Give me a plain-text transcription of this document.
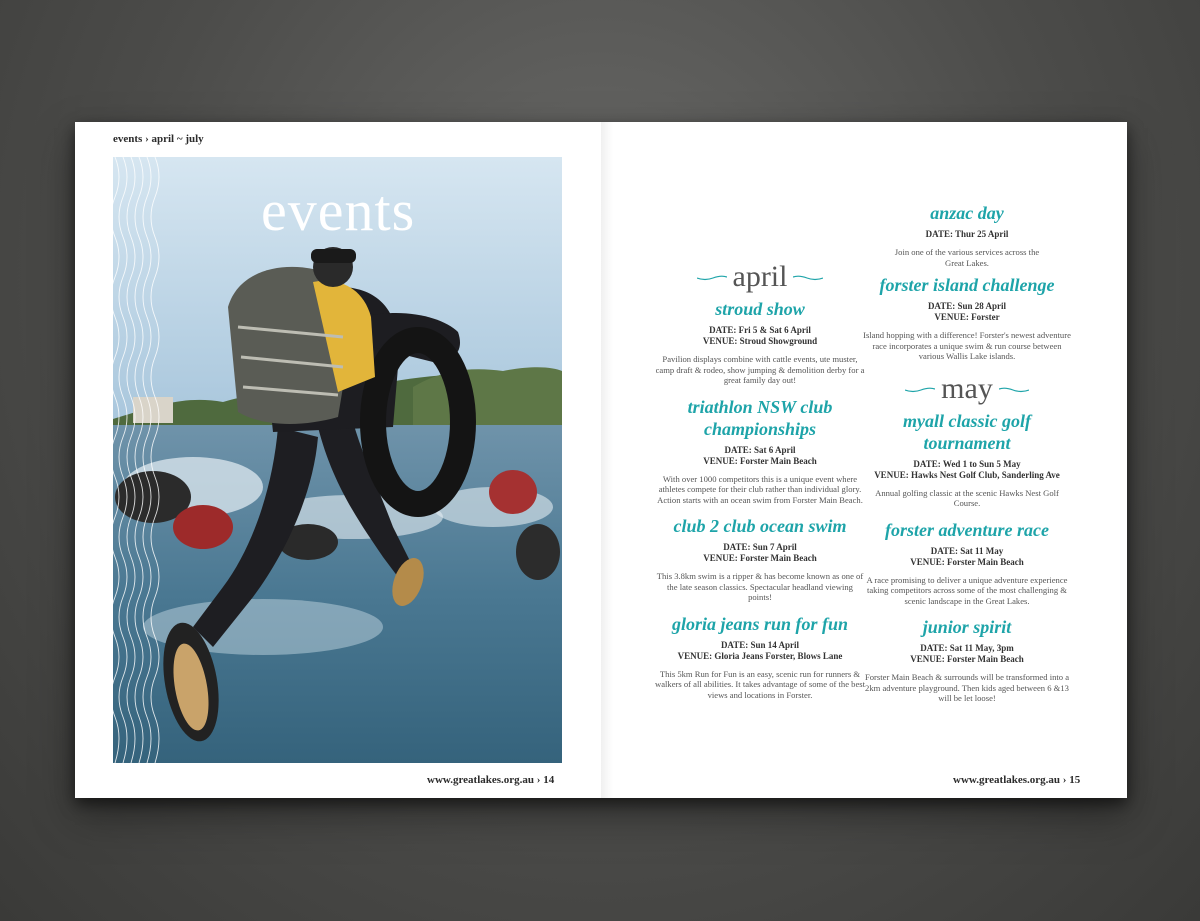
events › april ~ july
events
www.greatlakes.org.au › 14	www.greatlakes.org.au › 15
april
stroud show
DATE: Fri 5 & Sat 6 April
VENUE: Stroud Showground
Pavilion displays combine with cattle events, ute muster, camp draft & rodeo, show jumping & demolition derby for a great family day out!
triathlon NSW club championships
DATE: Sat 6 April
VENUE: Forster Main Beach
With over 1000 competitors this is a unique event where athletes compete for their club rather than individual glory. Action starts with an ocean swim from Forster Main Beach.
club 2 club ocean swim
DATE: Sun 7 April
VENUE: Forster Main Beach
This 3.8km swim is a ripper & has become known as one of the late season classics. Spectacular headland viewing points!
gloria jeans run for fun
DATE: Sun 14 April
VENUE: Gloria Jeans Forster, Blows Lane
This 5km Run for Fun is an easy, scenic run for runners & walkers of all abilities. It takes advantage of some of the best views and locations in Forster.
anzac day
DATE: Thur 25 April
Join one of the various services across the Great Lakes.
forster island challenge
DATE: Sun 28 April
VENUE: Forster
Island hopping with a difference! Forster's newest adventure race incorporates a unique swim & run course between various Wallis Lake islands.
may
myall classic golf tournament
DATE: Wed 1 to Sun 5 May
VENUE: Hawks Nest Golf Club, Sanderling Ave
Annual golfing classic at the scenic Hawks Nest Golf Course.
forster adventure race
DATE: Sat 11 May
VENUE: Forster Main Beach
A race promising to deliver a unique adventure experience taking competitors across some of the most challenging & scenic landscape in the Great Lakes.
junior spirit
DATE: Sat 11 May, 3pm
VENUE: Forster Main Beach
Forster Main Beach & surrounds will be transformed into a 2km adventure playground. Then kids aged between 6 &13 will be let loose!
